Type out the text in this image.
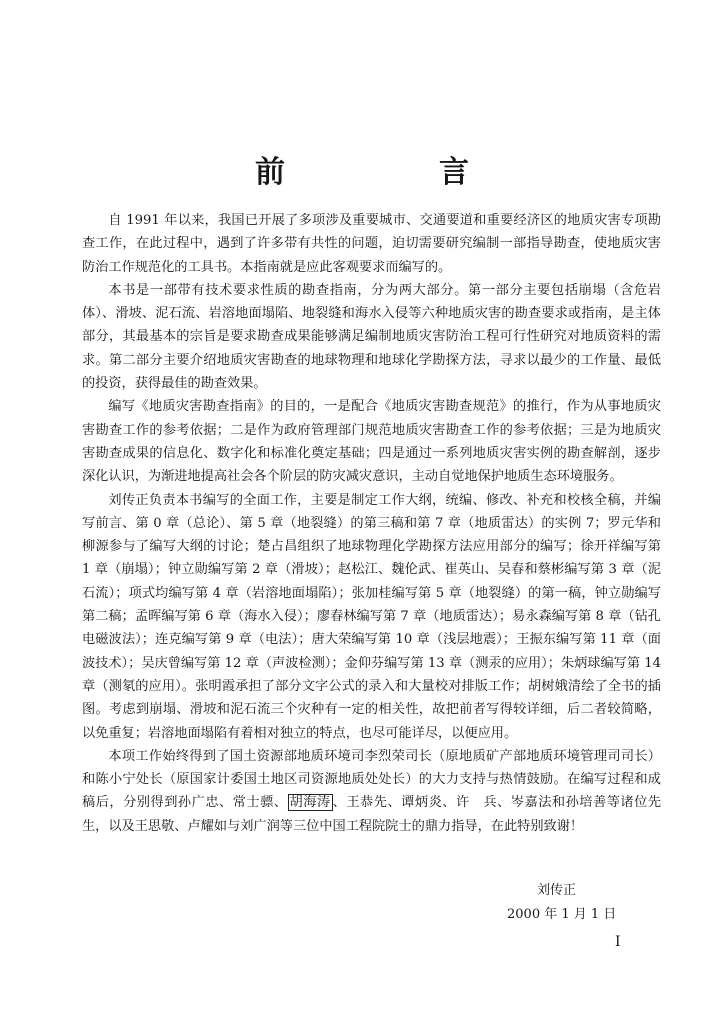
前　言

自 1991 年以来，我国已开展了多项涉及重要城市、交通要道和重要经济区的地质灾害专项勘查工作，在此过程中，遇到了许多带有共性的问题，迫切需要研究编制一部指导勘查，使地质灾害防治工作规范化的工具书。本指南就是应此客观要求而编写的。

本书是一部带有技术要求性质的勘查指南，分为两大部分。第一部分主要包括崩塌（含危岩体）、滑坡、泥石流、岩溶地面塌陷、地裂缝和海水入侵等六种地质灾害的勘查要求或指南，是主体部分，其最基本的宗旨是要求勘查成果能够满足编制地质灾害防治工程可行性研究对地质资料的需求。第二部分主要介绍地质灾害勘查的地球物理和地球化学勘探方法，寻求以最少的工作量、最低的投资，获得最佳的勘查效果。

编写《地质灾害勘查指南》的目的，一是配合《地质灾害勘查规范》的推行，作为从事地质灾害勘查工作的参考依据；二是作为政府管理部门规范地质灾害勘查工作的参考依据；三是为地质灾害勘查成果的信息化、数字化和标准化奠定基础；四是通过一系列地质灾害实例的勘查解剖，逐步深化认识，为渐进地提高社会各个阶层的防灾减灾意识，主动自觉地保护地质生态环境服务。

刘传正负责本书编写的全面工作，主要是制定工作大纲，统编、修改、补充和校核全稿，并编写前言、第 0 章（总论）、第 5 章（地裂缝）的第三稿和第 7 章（地质雷达）的实例 7；罗元华和柳源参与了编写大纲的讨论；楚占昌组织了地球物理化学勘探方法应用部分的编写；徐开祥编写第 1 章（崩塌）；钟立勋编写第 2 章（滑坡）；赵松江、魏伦武、崔英山、吴春和蔡彬编写第 3 章（泥石流）；项式均编写第 4 章（岩溶地面塌陷）；张加桂编写第 5 章（地裂缝）的第一稿，钟立勋编写第二稿；孟晖编写第 6 章（海水入侵）；廖春林编写第 7 章（地质雷达）；易永森编写第 8 章（钻孔电磁波法）；连克编写第 9 章（电法）；唐大荣编写第 10 章（浅层地震）；王振东编写第 11 章（面波技术）；吴庆曾编写第 12 章（声波检测）；金仰芬编写第 13 章（测汞的应用）；朱炳球编写第 14 章（测氡的应用）。张明霞承担了部分文字公式的录入和大量校对排版工作；胡树娥清绘了全书的插图。考虑到崩塌、滑坡和泥石流三个灾种有一定的相关性，故把前者写得较详细，后二者较简略，以免重复；岩溶地面塌陷有着相对独立的特点，也尽可能详尽，以便应用。

本项工作始终得到了国土资源部地质环境司李烈荣司长（原地质矿产部地质环境管理司司长）和陈小宁处长（原国家计委国土地区司资源地质处处长）的大力支持与热情鼓励。在编写过程和成稿后，分别得到孙广忠、常士骠、 胡海涛 、王恭先、谭炳炎、许　兵、岑嘉法和孙培善等诸位先生，以及王思敬、卢耀如与刘广润等三位中国工程院院士的鼎力指导，在此特别致谢！

刘传正
2000 年 1 月 1 日
I
